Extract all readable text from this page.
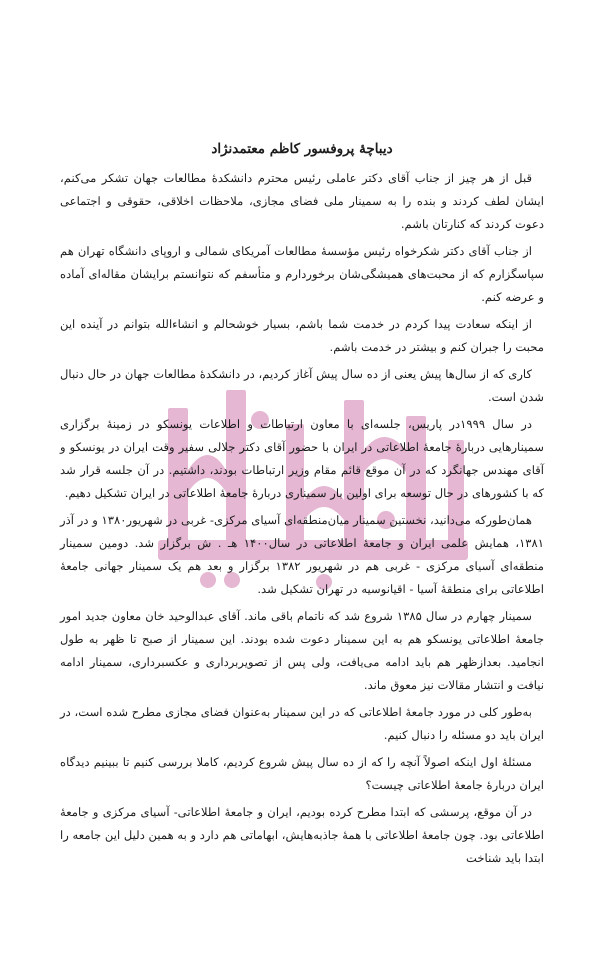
دیباچهٔ پروفسور کاظم معتمدنژاد

قبل از هر چیز از جناب آقای دکتر عاملی رئیس محترم دانشکدهٔ مطالعات جهان تشکر می‌کنم، ایشان لطف کردند و بنده را به سمینار ملی فضای مجازی، ملاحظات اخلاقی، حقوقی و اجتماعی دعوت کردند که کنارتان باشم.

از جناب آقای دکتر شکرخواه رئیس مؤسسهٔ مطالعات آمریکای شمالی و اروپای دانشگاه تهران هم سپاسگزارم که از محبت‌های همیشگی‌شان برخوردارم و متأسفم که نتوانستم برایشان مقاله‌ای آماده و عرضه کنم.

از اینکه سعادت پیدا کردم در خدمت شما باشم، بسیار خوشحالم و انشاءالله بتوانم در آینده این محبت را جبران کنم و بیشتر در خدمت باشم.

کاری که از سال‌ها پیش یعنی از ده سال پیش آغاز کردیم، در دانشکدهٔ مطالعات جهان در حال دنبال شدن است.

در سال ۱۹۹۹در پاریس، جلسه‌ای با معاون ارتباطات و اطلاعات یونسکو در زمینهٔ برگزاری سمینارهایی دربارهٔ جامعهٔ اطلاعاتی در ایران با حضور آقای دکتر جلالی سفیر وقت ایران در یونسکو و آقای مهندس جهانگرد که در آن موقع قائم مقام وزیر ارتباطات بودند، داشتیم. در آن جلسه قرار شد که با کشورهای در حال توسعه برای اولین بار سمیناری دربارهٔ جامعهٔ اطلاعاتی در ایران تشکیل دهیم.

همان‌طورکه می‌دانید، نخستین سمینار میان‌منطقه‌ای آسیای مرکزی- غربی در شهریور۱۳۸۰ و در آذر ۱۳۸۱، همایش علمی ایران و جامعهٔ اطلاعاتی در سال۱۴۰۰ هـ . ش برگزار شد. دومین سمینار منطقه‌ای آسیای مرکزی - غربی هم در شهریور ۱۳۸۲ برگزار و بعد هم یک سمینار جهانی جامعهٔ اطلاعاتی برای منطقهٔ آسیا - اقیانوسیه در تهران تشکیل شد.

سمینار چهارم در سال ۱۳۸۵ شروع شد که ناتمام باقی ماند. آقای عبدالوحید خان معاون جدید امور جامعهٔ اطلاعاتی یونسکو هم به این سمینار دعوت شده بودند. این سمینار از صبح تا ظهر به طول انجامید. بعدازظهر هم باید ادامه می‌یافت، ولی پس از تصویربرداری و عکسبرداری، سمینار ادامه نیافت و انتشار مقالات نیز معوق ماند.

به‌طور کلی در مورد جامعهٔ اطلاعاتی که در این سمینار به‌عنوان فضای مجازی مطرح شده است، در ایران باید دو مسئله را دنبال کنیم.

مسئلهٔ اول اینکه اصولاً آنچه را که از ده سال پیش شروع کردیم، کاملا بررسی کنیم تا ببینیم دیدگاه ایران دربارهٔ جامعهٔ اطلاعاتی چیست؟

در آن موقع، پرسشی که ابتدا مطرح کرده بودیم، ایران و جامعهٔ اطلاعاتی- آسیای مرکزی و جامعهٔ اطلاعاتی بود. چون جامعهٔ اطلاعاتی با همهٔ جاذبه‌هایش، ابهاماتی هم دارد و به همین دلیل این جامعه را ابتدا باید شناخت
